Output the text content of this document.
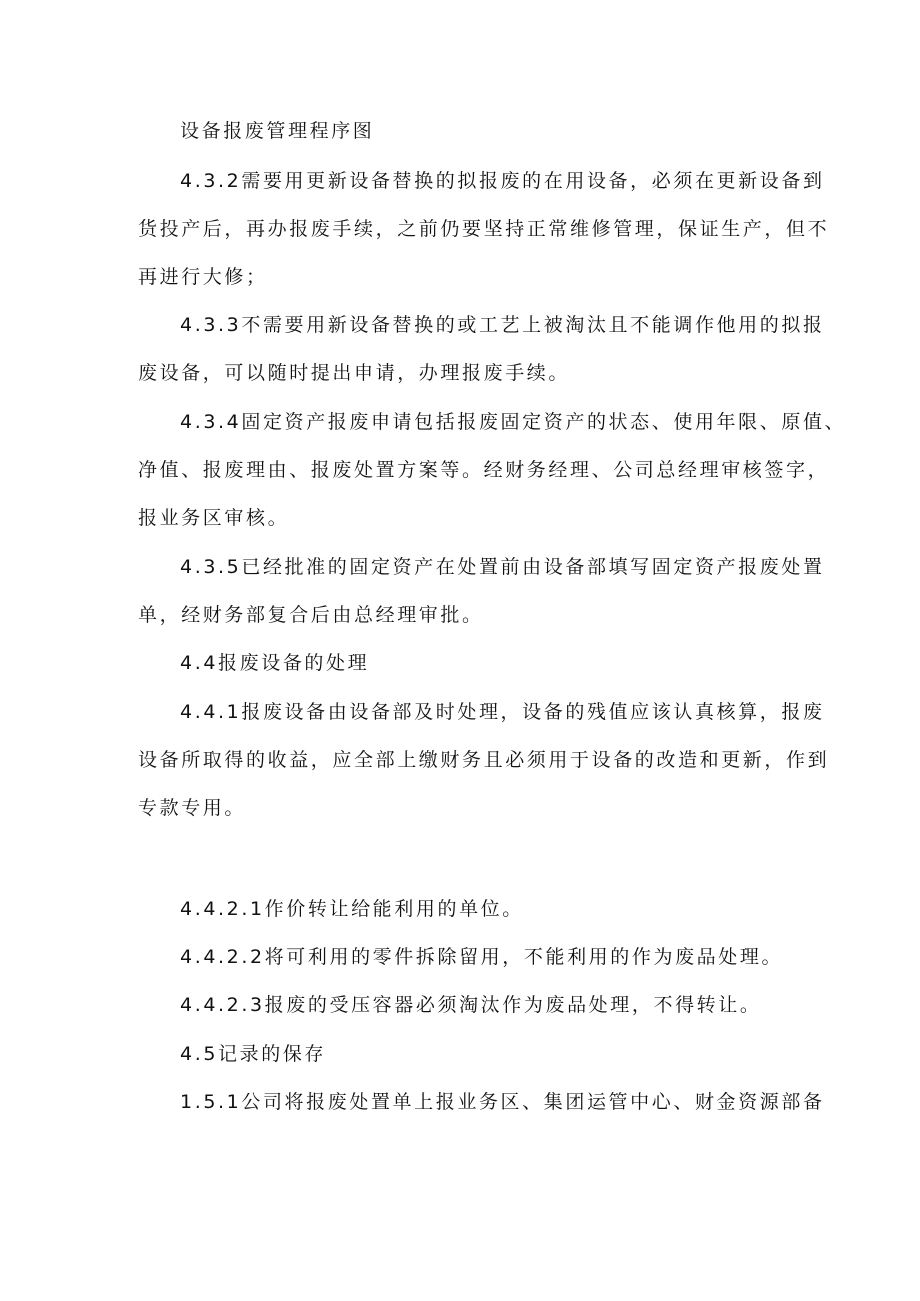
设备报废管理程序图
4.3.2需要用更新设备替换的拟报废的在用设备，必须在更新设备到
货投产后，再办报废手续，之前仍要坚持正常维修管理，保证生产，但不
再进行大修；
4.3.3不需要用新设备替换的或工艺上被淘汰且不能调作他用的拟报
废设备，可以随时提出申请，办理报废手续。
4.3.4固定资产报废申请包括报废固定资产的状态、使用年限、原值、
净值、报废理由、报废处置方案等。经财务经理、公司总经理审核签字，
报业务区审核。
4.3.5已经批准的固定资产在处置前由设备部填写固定资产报废处置
单，经财务部复合后由总经理审批。
4.4报废设备的处理
4.4.1报废设备由设备部及时处理，设备的残值应该认真核算，报废
设备所取得的收益，应全部上缴财务且必须用于设备的改造和更新，作到
专款专用。
4.4.2.1作价转让给能利用的单位。
4.4.2.2将可利用的零件拆除留用，不能利用的作为废品处理。
4.4.2.3报废的受压容器必须淘汰作为废品处理，不得转让。
4.5记录的保存
1.5.1公司将报废处置单上报业务区、集团运管中心、财金资源部备
